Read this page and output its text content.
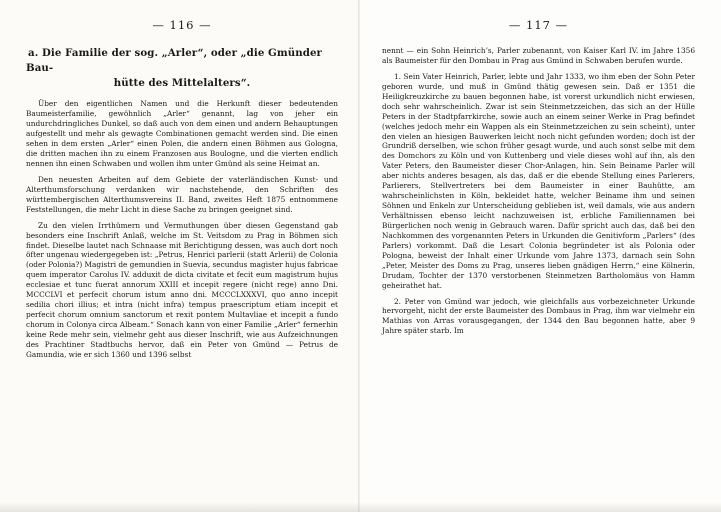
— 116 —
a. Die Familie der sog. „Arler“, oder „die Gmünder Bau-
hütte des Mittelalters“.

Über den eigentlichen Namen und die Herkunft dieser bedeutenden Baumeisterfamilie, gewöhnlich „Arler“ genannt, lag von jeher ein undurchdringliches Dunkel, so daß auch von dem einen und andern Behauptungen aufgestellt und mehr als gewagte Combinationen gemacht werden sind. Die einen sehen in dem ersten „Arler“ einen Polen, die andern einen Böhmen aus Gologna, die dritten machen ihn zu einem Franzosen aus Boulogne, und die vierten endlich nennen ihn einen Schwaben und wollen ihm unter Gmünd als seine Heimat an.

Den neuesten Arbeiten auf dem Gebiete der vaterländischen Kunst- und Alterthumsforschung verdanken wir nachstehende, den Schriften des württembergischen Alterthumsvereins II. Band, zweites Heft 1875 entnommene Feststellungen, die mehr Licht in diese Sache zu bringen geeignet sind.

Zu den vielen Irrthümern und Vermuthungen über diesen Gegenstand gab besonders eine Inschrift Anlaß, welche im St. Veitsdom zu Prag in Böhmen sich findet. Dieselbe lautet nach Schnaase mit Berichtigung dessen, was auch dort noch öfter ungenau wiedergegeben ist: „Petrus, Henrici parlerii (statt Arlerii) de Colonia (oder Polonia?) Magistri de gemundien in Suevia, secundus magister hujus fabricae quem imperator Carolus IV. adduxit de dicta civitate et fecit eum magistrum hujus ecclesiae et tunc fuerat annorum XXIII et incepit regere (nicht rege) anno Dni. MCCCLVI et perfecit chorum istum anno dni. MCCCLXXXVI, quo anno incepit sedilia chori illius; et intra (nicht infra) tempus praescriptum etiam incepit et perfecit chorum omnium sanctorum et rexit pontem Multavliae et incepit a fundo chorum in Colonya circa Albeam.“ Sonach kann von einer Familie „Arler“ fernerhin keine Rede mehr sein, vielmehr geht aus dieser Inschrift, wie aus Aufzeichnungen des Prachtiner Stadtbuchs hervor, daß ein Peter von Gmünd — Petrus de Gamundia, wie er sich 1360 und 1396 selbst

— 117 —

nennt — ein Sohn Heinrich’s, Parler zubenannt, von Kaiser Karl IV. im Jahre 1356 als Baumeister für den Dombau in Prag aus Gmünd in Schwaben berufen wurde.

1. Sein Vater Heinrich, Parler, lebte und Jahr 1333, wo ihm eben der Sohn Peter geboren wurde, und muß in Gmünd thätig gewesen sein. Daß er 1351 die Heiligkreuzkirche zu bauen begonnen habe, ist vorerst urkundlich nicht erwiesen, doch sehr wahrscheinlich. Zwar ist sein Steinmetzzeichen, das sich an der Hülle Peters in der Stadtpfarrkirche, sowie auch an einem seiner Werke in Prag befindet (welches jedoch mehr ein Wappen als ein Steinmetzzeichen zu sein scheint), unter den vielen an hiesigen Bauwerken leicht noch nicht gefunden worden; doch ist der Grundriß derselben, wie schon früher gesagt wurde, und auch sonst selbe mit dem des Domchors zu Köln und von Kuttenberg und viele dieses wohl auf ihn, als den Vater Peters, den Baumeister dieser Chor-Anlagen, hin. Sein Beiname Parler will aber nichts anderes besagen, als das, daß er die ebende Stellung eines Parlerers, Parlierers, Stellvertreters bei dem Baumeister in einer Bauhütte, am wahrscheinlichsten in Köln, bekleidet hatte, welcher Beiname ihm und seinen Söhnen und Enkeln zur Unterscheidung geblieben ist, weil damals, wie aus andern Verhältnissen ebenso leicht nachzuweisen ist, erbliche Familiennamen bei Bürgerlichen noch wenig in Gebrauch waren. Dafür spricht auch das, daß bei den Nachkommen des vorgenannten Peters in Urkunden die Genitivform „Parlers“ (des Parlers) vorkommt. Daß die Lesart Colonia begründeter ist als Polonia oder Pologna, beweist der Inhalt einer Urkunde vom Jahre 1373, darnach sein Sohn „Peter, Meister des Doms zu Prag, unseres lieben gnädigen Herrn,“ eine Kölnerin, Drudam, Tochter der 1370 verstorbenen Steinmetzen Bartholomäus von Hamm geheirathet hat.

2. Peter von Gmünd war jedoch, wie gleichfalls aus vorbezeichneter Urkunde hervorgeht, nicht der erste Baumeister des Dombaus in Prag, ihm war vielmehr ein Mathias von Arras vorausgegangen, der 1344 den Bau begonnen hatte, aber 9 Jahre später starb. Im
